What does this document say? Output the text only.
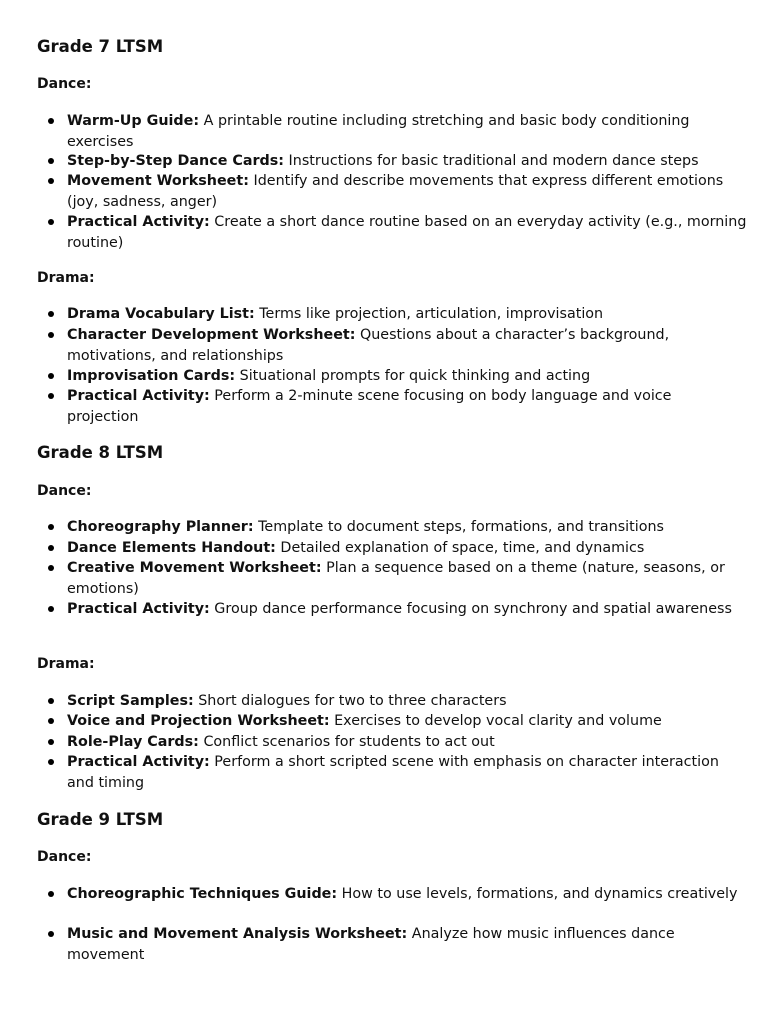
Grade 7 LTSM
Dance:
Warm-Up Guide: A printable routine including stretching and basic body conditioning exercises
Step-by-Step Dance Cards: Instructions for basic traditional and modern dance steps
Movement Worksheet: Identify and describe movements that express different emotions (joy, sadness, anger)
Practical Activity: Create a short dance routine based on an everyday activity (e.g., morning routine)
Drama:
Drama Vocabulary List: Terms like projection, articulation, improvisation
Character Development Worksheet: Questions about a character’s background, motivations, and relationships
Improvisation Cards: Situational prompts for quick thinking and acting
Practical Activity: Perform a 2-minute scene focusing on body language and voice projection
Grade 8 LTSM
Dance:
Choreography Planner: Template to document steps, formations, and transitions
Dance Elements Handout: Detailed explanation of space, time, and dynamics
Creative Movement Worksheet: Plan a sequence based on a theme (nature, seasons, or emotions)
Practical Activity: Group dance performance focusing on synchrony and spatial awareness
Drama:
Script Samples: Short dialogues for two to three characters
Voice and Projection Worksheet: Exercises to develop vocal clarity and volume
Role-Play Cards: Conflict scenarios for students to act out
Practical Activity: Perform a short scripted scene with emphasis on character interaction and timing
Grade 9 LTSM
Dance:
Choreographic Techniques Guide: How to use levels, formations, and dynamics creatively
Music and Movement Analysis Worksheet: Analyze how music influences dance movement
